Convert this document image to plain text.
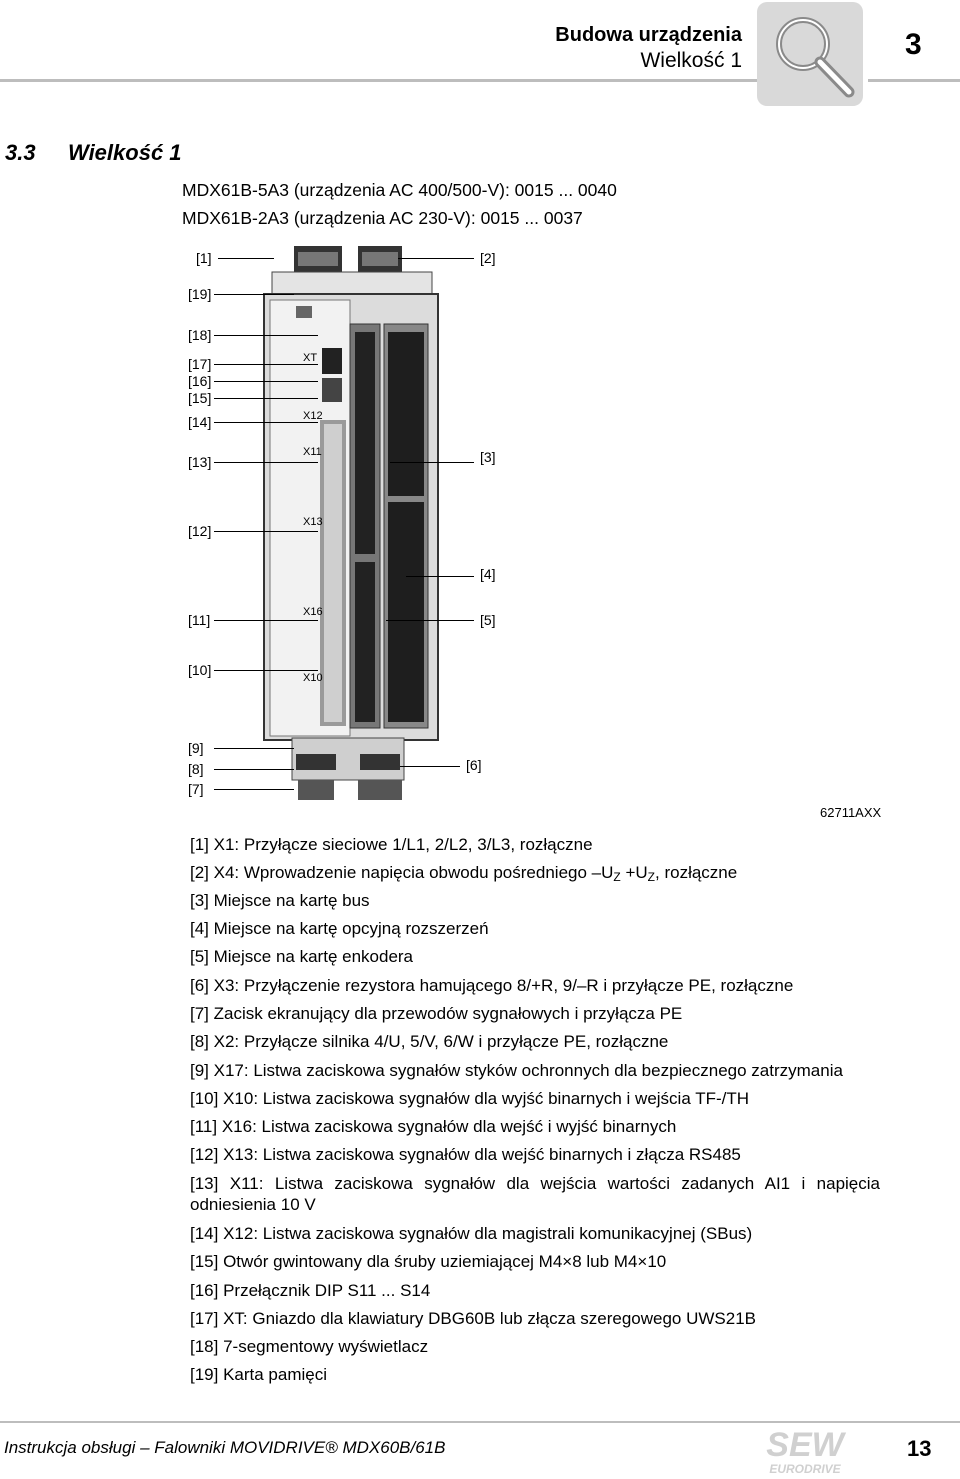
Budowa urządzenia
Wielkość 1	3
3.3 Wielkość 1
MDX61B-5A3 (urządzenia AC 400/500-V): 0015 ... 0040
MDX61B-2A3 (urządzenia AC 230-V): 0015 ... 0037
XT
X12
X11
X13
X16
X10
[1]
[19]
[18]
[17]
[16]
[15]
[14]
[13]
[12]
[11]
[10]
[9]
[8]
[7]
[2]
[3]
[4]
[5]
[6]
62711AXX
[1] X1: Przyłącze sieciowe 1/L1, 2/L2, 3/L3, rozłączne
[2] X4: Wprowadzenie napięcia obwodu pośredniego $-U_Z +U_Z$, rozłączne
[3] Miejsce na kartę bus
[4] Miejsce na kartę opcyjną rozszerzeń
[5] Miejsce na kartę enkodera
[6] X3: Przyłączenie rezystora hamującego 8/+R, 9/–R i przyłącze PE, rozłączne
[7] Zacisk ekranujący dla przewodów sygnałowych i przyłącza PE
[8] X2: Przyłącze silnika 4/U, 5/V, 6/W i przyłącze PE, rozłączne
[9] X17: Listwa zaciskowa sygnałów styków ochronnych dla bezpiecznego zatrzymania
[10] X10: Listwa zaciskowa sygnałów dla wyjść binarnych i wejścia TF-/TH
[11] X16: Listwa zaciskowa sygnałów dla wejść i wyjść binarnych
[12] X13: Listwa zaciskowa sygnałów dla wejść binarnych i złącza RS485
[13] X11: Listwa zaciskowa sygnałów dla wejścia wartości zadanych AI1 i napięcia odniesienia 10 V
[14] X12: Listwa zaciskowa sygnałów dla magistrali komunikacyjnej (SBus)
[15] Otwór gwintowany dla śruby uziemiającej M4×8 lub M4×10
[16] Przełącznik DIP S11 ... S14
[17] XT: Gniazdo dla klawiatury DBG60B lub złącza szeregowego UWS21B
[18] 7-segmentowy wyświetlacz
[19] Karta pamięci
Instrukcja obsługi – Falowniki MOVIDRIVE® MDX60B/61B	SEW
EURODRIVE
13
